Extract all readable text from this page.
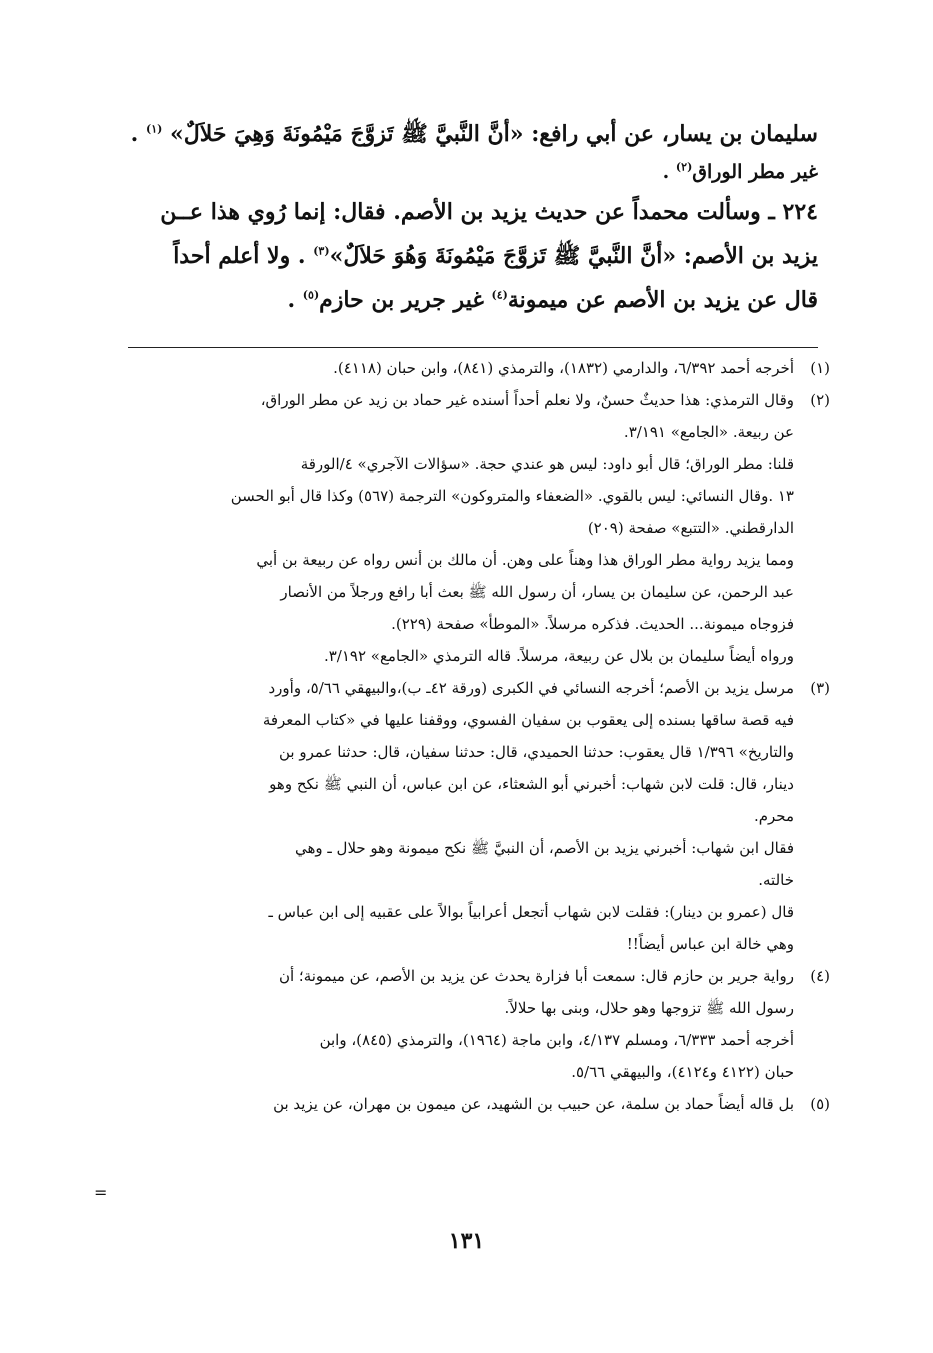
سليمان بن يسار، عن أبي رافع: «أنَّ النَّبيَّ ﷺ تَزوَّجَ مَيْمُونَةَ وَهِيَ حَلاَلٌ» $^{(١)}$ .
غير مطر الوراق$^{(٢)}$ .
٢٢٤ ـ وسألت محمداً عن حديث يزيد بن الأصم. فقال: إنما رُوي هذا عــن
يزيد بن الأصم: «أنَّ النَّبيَّ ﷺ تَزوَّجَ مَيْمُونَةَ وَهُوَ حَلاَلٌ»$^{(٣)}$ . ولا أعلم أحداً
قال عن يزيد بن الأصم عن ميمونة$^{(٤)}$ غير جرير بن حازم$^{(٥)}$ .
(١)
أخرجه أحمد ٦/٣٩٢، والدارمي (١٨٣٢)، والترمذي (٨٤١)، وابن حبان (٤١١٨).
(٢)
وقال الترمذي: هذا حديثٌ حسنٌ، ولا نعلم أحداً أسنده غير حماد بن زيد عن مطر الوراق،
عن ربيعة. «الجامع» ٣/١٩١.
قلنا: مطر الوراق؛ قال أبو داود: ليس هو عندي حجة. «سؤالات الآجري» ٤/الورقة
١٣ .وقال النسائي: ليس بالقوي. «الضعفاء والمتروكون» الترجمة (٥٦٧) وكذا قال أبو الحسن
الدارقطني. «التتبع» صفحة (٢٠٩)
ومما يزيد رواية مطر الوراق هذا وهناً على وهن. أن مالك بن أنس رواه عن ربيعة بن أبي
عبد الرحمن، عن سليمان بن يسار، أن رسول الله ﷺ بعث أبا رافع ورجلاً من الأنصار
فزوجاه ميمونة... الحديث. فذكره مرسلاً. «الموطأ» صفحة (٢٢٩).
ورواه أيضاً سليمان بن بلال عن ربيعة، مرسلاً. قاله الترمذي «الجامع» ٣/١٩٢.
(٣)
مرسل يزيد بن الأصم؛ أخرجه النسائي في الكبرى (ورقة ٤٢ـ ب)،والبيهقي ٥/٦٦، وأورد
فيه قصة ساقها بسنده إلى يعقوب بن سفيان الفسوي، ووقفنا عليها في «كتاب المعرفة
والتاريخ» ١/٣٩٦ قال يعقوب: حدثنا الحميدي، قال: حدثنا سفيان، قال: حدثنا عمرو بن
دينار، قال: قلت لابن شهاب: أخبرني أبو الشعثاء، عن ابن عباس، أن النبي ﷺ نكح وهو
محرم.
فقال ابن شهاب: أخبرني يزيد بن الأصم، أن النبيَّ ﷺ نكح ميمونة وهو حلال ـ وهي
خالته.
قال (عمرو بن دينار): فقلت لابن شهاب أتجعل أعرابياً بوالاً على عقبيه إلى ابن عباس ـ
وهي خالة ابن عباس أيضاً!!
(٤)
رواية جرير بن حازم قال: سمعت أبا فزارة يحدث عن يزيد بن الأصم، عن ميمونة؛ أن
رسول الله ﷺ تزوجها وهو حلال، وبنى بها حلالاً.
أخرجه أحمد ٦/٣٣٣، ومسلم ٤/١٣٧، وابن ماجة (١٩٦٤)، والترمذي (٨٤٥)، وابن
حبان (٤١٢٢ و٤١٢٤)، والبيهقي ٥/٦٦.
(٥)
بل قاله أيضاً حماد بن سلمة، عن حبيب بن الشهيد، عن ميمون بن مهران، عن يزيد بن
=
١٣١
